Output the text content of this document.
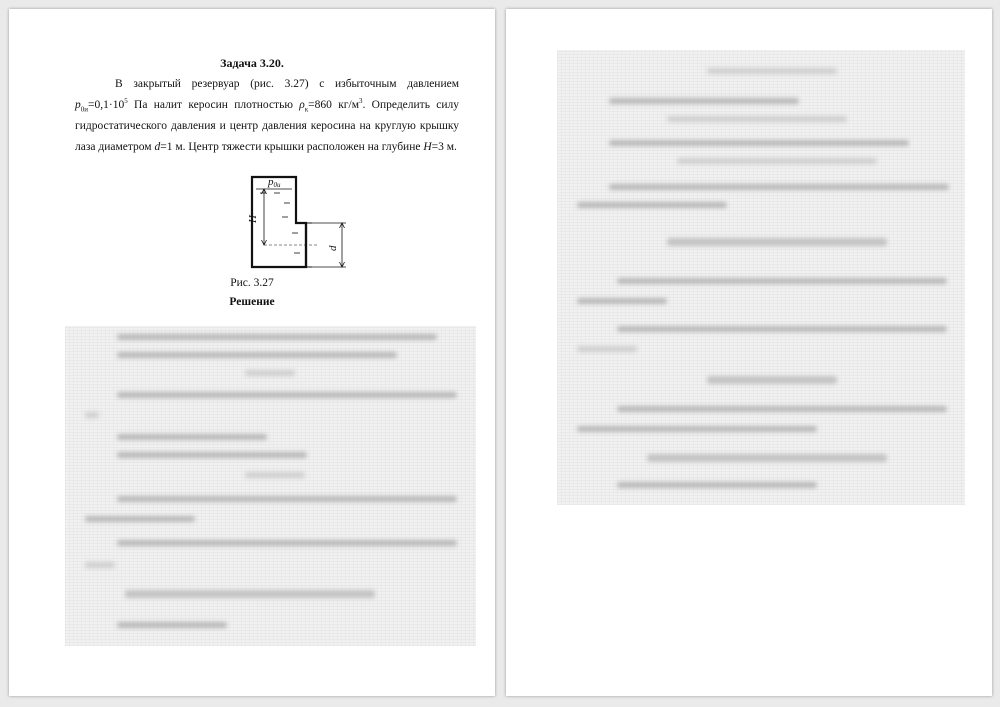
Задача 3.20.

В закрытый резервуар (рис. 3.27) с избыточным давлением $p_{0и}=0,1\cdot 10^5$ Па налит керосин плотностью $\rho_к=860$ $кг/м^3$. Определить силу гидростатического давления и центр давления керосина на круглую крышку лаза диаметром d=1 м. Центр тяжести крышки расположен на глубине H=3 м.

p0и
H
d
Рис. 3.27
Решение
